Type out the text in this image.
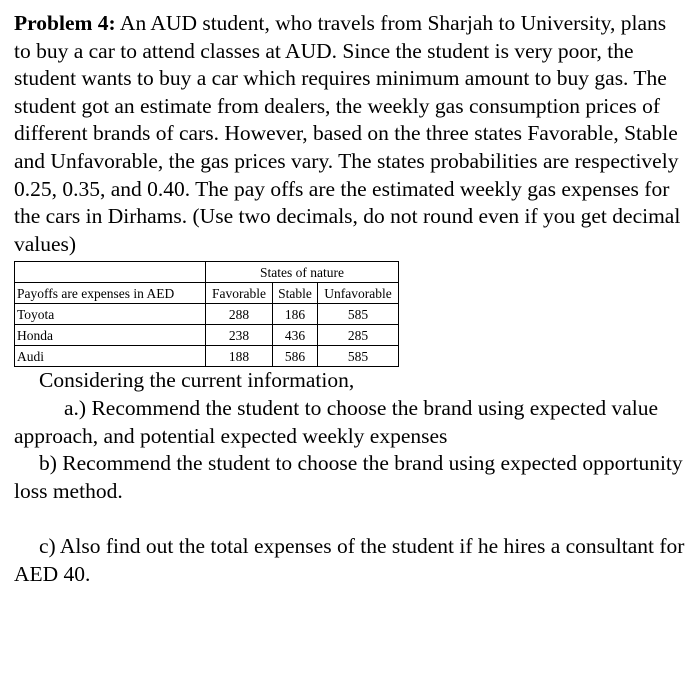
Problem 4: An AUD student, who travels from Sharjah to University, plans to buy a car to attend classes at AUD. Since the student is very poor, the student wants to buy a car which requires minimum amount to buy gas. The student got an estimate from dealers, the weekly gas consumption prices of different brands of cars. However, based on the three states Favorable, Stable and Unfavorable, the gas prices vary. The states probabilities are respectively 0.25, 0.35, and 0.40. The pay offs are the estimated weekly gas expenses for the cars in Dirhams. (Use two decimals, do not round even if you get decimal values)

	States of nature		
Payoffs are expenses in AED	Favorable	Stable	Unfavorable
Toyota	288	186	585
Honda	238	436	285
Audi	188	586	585
Considering the current information,
a.) Recommend the student to choose the brand using expected value approach, and potential expected weekly expenses
b) Recommend the student to choose the brand using expected opportunity loss method.
c) Also find out the total expenses of the student if he hires a consultant for AED 40.
